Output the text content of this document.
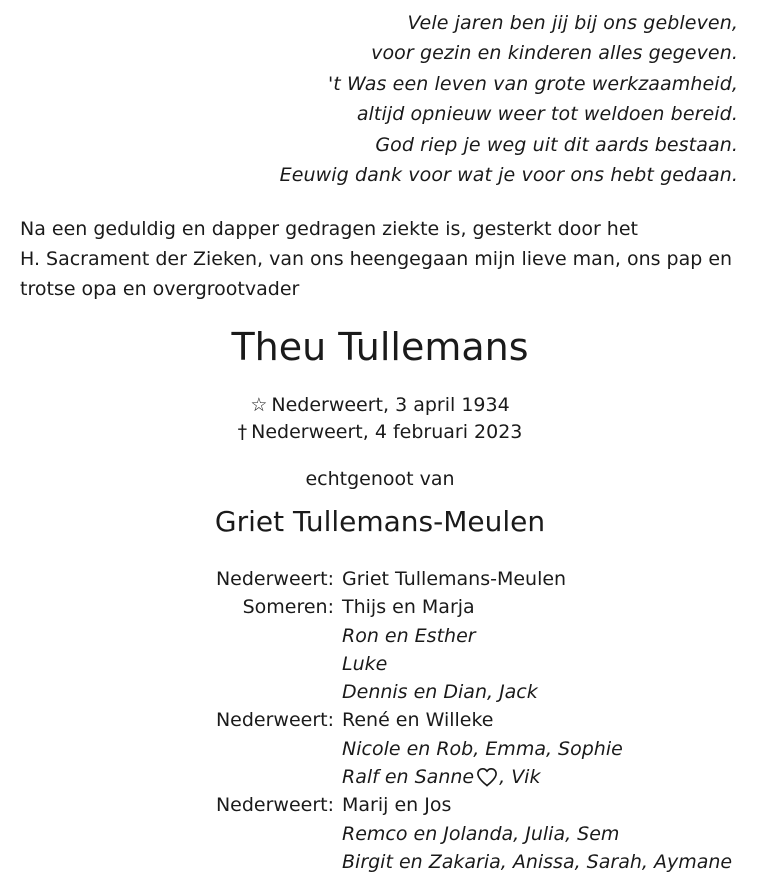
Vele jaren ben jij bij ons gebleven,
voor gezin en kinderen alles gegeven.
't Was een leven van grote werkzaamheid,
altijd opnieuw weer tot weldoen bereid.
God riep je weg uit dit aards bestaan.
Eeuwig dank voor wat je voor ons hebt gedaan.
Na een geduldig en dapper gedragen ziekte is, gesterkt door het
H. Sacrament der Zieken, van ons heengegaan mijn lieve man, ons pap en
trotse opa en overgrootvader
Theu Tullemans
☆ Nederweert, 3 april 1934
† Nederweert, 4 februari 2023
echtgenoot van
Griet Tullemans-Meulen
Nederweert: Griet Tullemans-Meulen
Someren: Thijs en Marja
Ron en Esther
Luke
Dennis en Dian, Jack
Nederweert: René en Willeke
Nicole en Rob, Emma, Sophie
Ralf en Sanne , Vik
Nederweert: Marij en Jos
Remco en Jolanda, Julia, Sem
Birgit en Zakaria, Anissa, Sarah, Aymane
